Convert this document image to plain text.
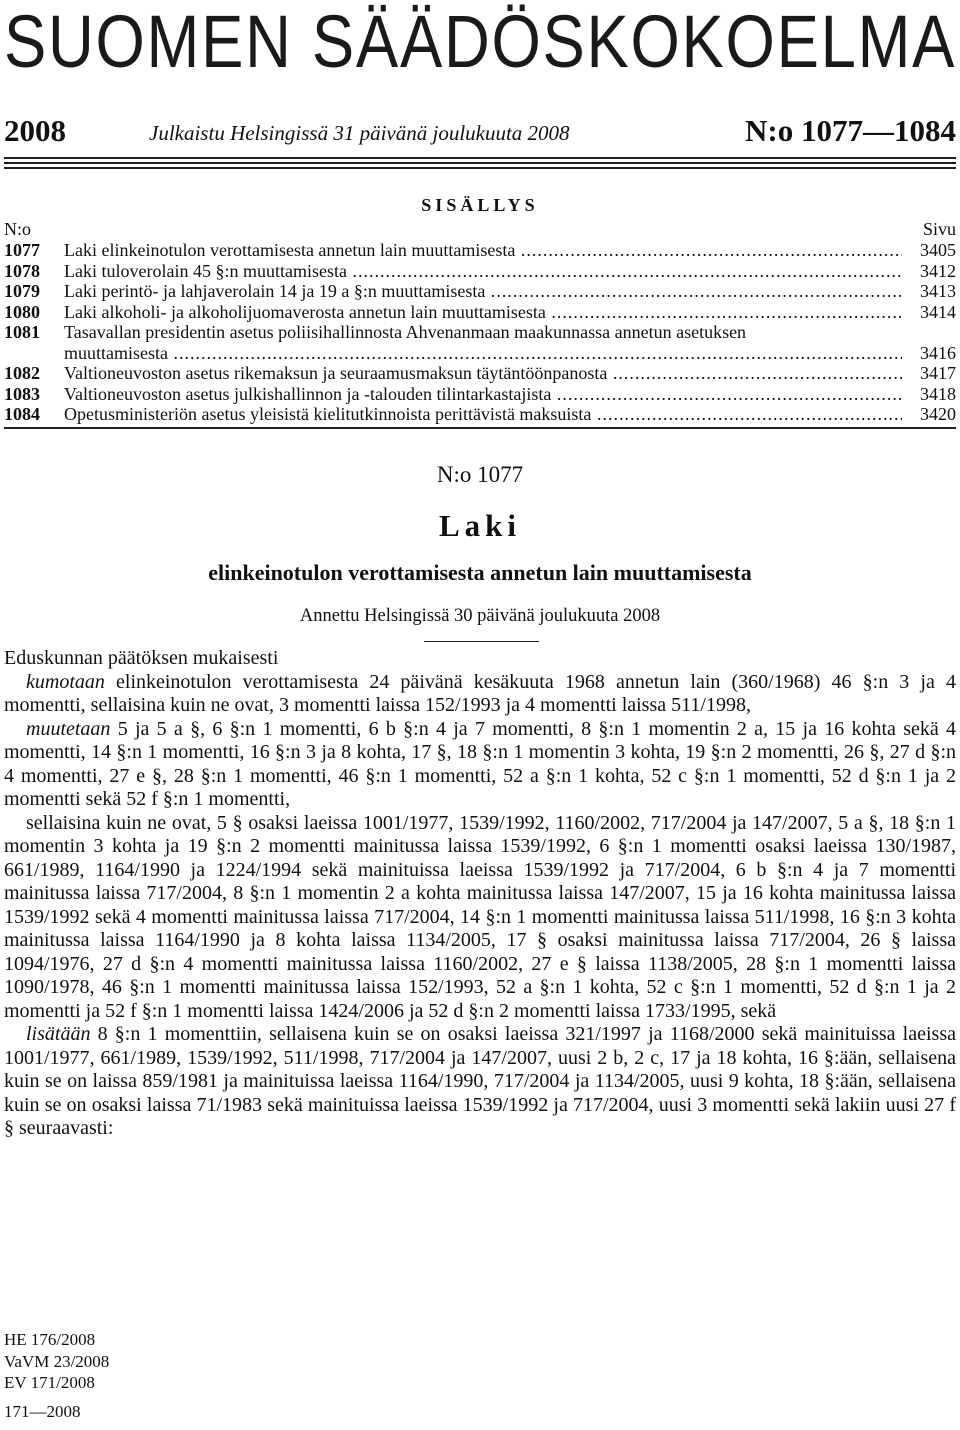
SUOMEN SÄÄDÖSKOKOELMA
2008	Julkaistu Helsingissä 31 päivänä joulukuuta 2008	N:o 1077—1084
SISÄLLYS
N:o	Sivu
1077	Laki elinkeinotulon verottamisesta annetun lain muuttamisesta .....	3405
1078	Laki tuloverolain 45 §:n muuttamisesta .....	3412
1079	Laki perintö- ja lahjaverolain 14 ja 19 a §:n muuttamisesta .....	3413
1080	Laki alkoholi- ja alkoholijuomaverosta annetun lain muuttamisesta .....	3414
1081	Tasavallan presidentin asetus poliisihallinnosta Ahvenanmaan maakunnassa annetun asetuksen
muuttamisesta .....	3416
1082	Valtioneuvoston asetus rikemaksun ja seuraamusmaksun täytäntöönpanosta .....	3417
1083	Valtioneuvoston asetus julkishallinnon ja -talouden tilintarkastajista .....	3418
1084	Opetusministeriön asetus yleisistä kielitutkinnoista perittävistä maksuista .....	3420
N:o 1077
Laki
elinkeinotulon verottamisesta annetun lain muuttamisesta
Annettu Helsingissä 30 päivänä joulukuuta 2008

Eduskunnan päätöksen mukaisesti

kumotaan elinkeinotulon verottamisesta 24 päivänä kesäkuuta 1968 annetun lain (360/1968) 46 §:n 3 ja 4 momentti, sellaisina kuin ne ovat, 3 momentti laissa 152/1993 ja 4 momentti laissa 511/1998,

muutetaan 5 ja 5 a §, 6 §:n 1 momentti, 6 b §:n 4 ja 7 momentti, 8 §:n 1 momentin 2 a, 15 ja 16 kohta sekä 4 momentti, 14 §:n 1 momentti, 16 §:n 3 ja 8 kohta, 17 §, 18 §:n 1 momentin 3 kohta, 19 §:n 2 momentti, 26 §, 27 d §:n 4 momentti, 27 e §, 28 §:n 1 momentti, 46 §:n 1 momentti, 52 a §:n 1 kohta, 52 c §:n 1 momentti, 52 d §:n 1 ja 2 momentti sekä 52 f §:n 1 momentti,

sellaisina kuin ne ovat, 5 § osaksi laeissa 1001/1977, 1539/1992, 1160/2002, 717/2004 ja 147/2007, 5 a §, 18 §:n 1 momentin 3 kohta ja 19 §:n 2 momentti mainitussa laissa 1539/1992, 6 §:n 1 momentti osaksi laeissa 130/1987, 661/1989, 1164/1990 ja 1224/1994 sekä mainituissa laeissa 1539/1992 ja 717/2004, 6 b §:n 4 ja 7 momentti mainitussa laissa 717/2004, 8 §:n 1 momentin 2 a kohta mainitussa laissa 147/2007, 15 ja 16 kohta mainitussa laissa 1539/1992 sekä 4 momentti mainitussa laissa 717/2004, 14 §:n 1 momentti mainitussa laissa 511/1998, 16 §:n 3 kohta mainitussa laissa 1164/1990 ja 8 kohta laissa 1134/2005, 17 § osaksi mainitussa laissa 717/2004, 26 § laissa 1094/1976, 27 d §:n 4 momentti mainitussa laissa 1160/2002, 27 e § laissa 1138/2005, 28 §:n 1 momentti laissa 1090/1978, 46 §:n 1 momentti mainitussa laissa 152/1993, 52 a §:n 1 kohta, 52 c §:n 1 momentti, 52 d §:n 1 ja 2 momentti ja 52 f §:n 1 momentti laissa 1424/2006 ja 52 d §:n 2 momentti laissa 1733/1995, sekä

lisätään 8 §:n 1 momenttiin, sellaisena kuin se on osaksi laeissa 321/1997 ja 1168/2000 sekä mainituissa laeissa 1001/1977, 661/1989, 1539/1992, 511/1998, 717/2004 ja 147/2007, uusi 2 b, 2 c, 17 ja 18 kohta, 16 §:ään, sellaisena kuin se on laissa 859/1981 ja mainituissa laeissa 1164/1990, 717/2004 ja 1134/2005, uusi 9 kohta, 18 §:ään, sellaisena kuin se on osaksi laissa 71/1983 sekä mainituissa laeissa 1539/1992 ja 717/2004, uusi 3 momentti sekä lakiin uusi 27 f § seuraavasti:

HE 176/2008
VaVM 23/2008
EV 171/2008
171—2008
